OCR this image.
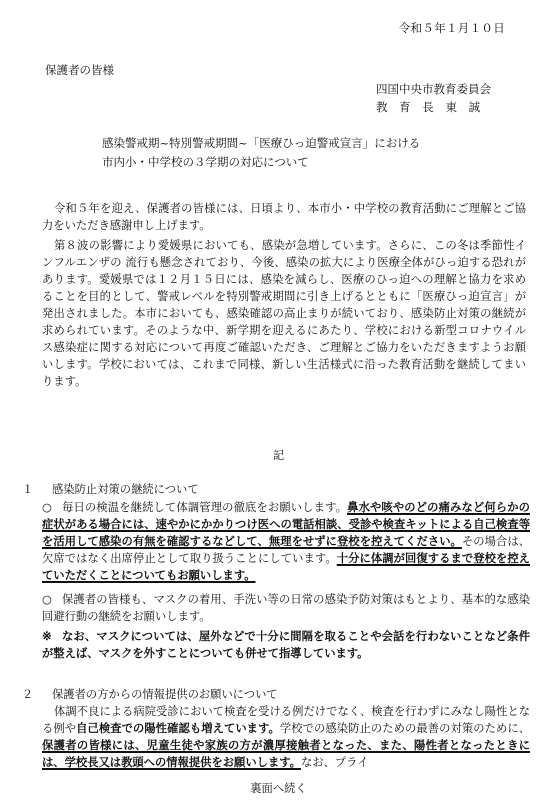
令和５年１月１０日
保護者の皆様
四国中央市教育委員会
教 育 長 東 誠
感染警戒期~特別警戒期間~「医療ひっ迫警戒宣言」における
市内小・中学校の３学期の対応について
令和５年を迎え、保護者の皆様には、日頃より、本市小・中学校の教育活動にご理解とご協力をいただき感謝申し上げます。
第８波の影響により愛媛県においても、感染が急増しています。さらに、この冬は季節性インフルエンザの 流行も懸念されており、今後、感染の拡大により医療全体がひっ迫する恐れがあります。愛媛県では１２月１５日には、感染を減らし、医療のひっ迫への理解と協力を求めることを目的として、警戒レベルを特別警戒期間に引き上げるとともに「医療ひっ迫宣言」が発出されました。本市においても、感染確認の高止まりが続いており、感染防止対策の継続が求められています。そのような中、新学期を迎えるにあたり、学校における新型コロナウイルス感染症に関する対応について再度ご確認いただき、ご理解とご協力をいただきますようお願いします。学校においては、これまで同様、新しい生活様式に沿った教育活動を継続してまいります。
記
１ 感染防止対策の継続について
○ 毎日の検温を継続して体調管理の徹底をお願いします。鼻水や咳やのどの痛みなど何らかの症状がある場合には、速やかにかかりつけ医への電話相談、受診や検査キットによる自己検査等を活用して感染の有無を確認するなどして、無理をせずに登校を控えてください。その場合は、欠席ではなく出席停止として取り扱うことにしています。十分に体調が回復するまで登校を控えていただくことについてもお願いします。
○ 保護者の皆様も、マスクの着用、手洗い等の日常の感染予防対策はもとより、基本的な感染回避行動の継続をお願いします。
※ なお、マスクについては、屋外などで十分に間隔を取ることや会話を行わないことなど条件が整えば、マスクを外すことについても併せて指導しています。
２ 保護者の方からの情報提供のお願いについて
体調不良による病院受診において検査を受ける例だけでなく、検査を行わずにみなし陽性となる例や自己検査での陽性確認も増えています。学校での感染防止のための最善の対策のために、保護者の皆様には、児童生徒や家族の方が濃厚接触者となった、また、陽性者となったときには、学校長又は教頭への情報提供をお願いします。なお、プライ
裏面へ続く
